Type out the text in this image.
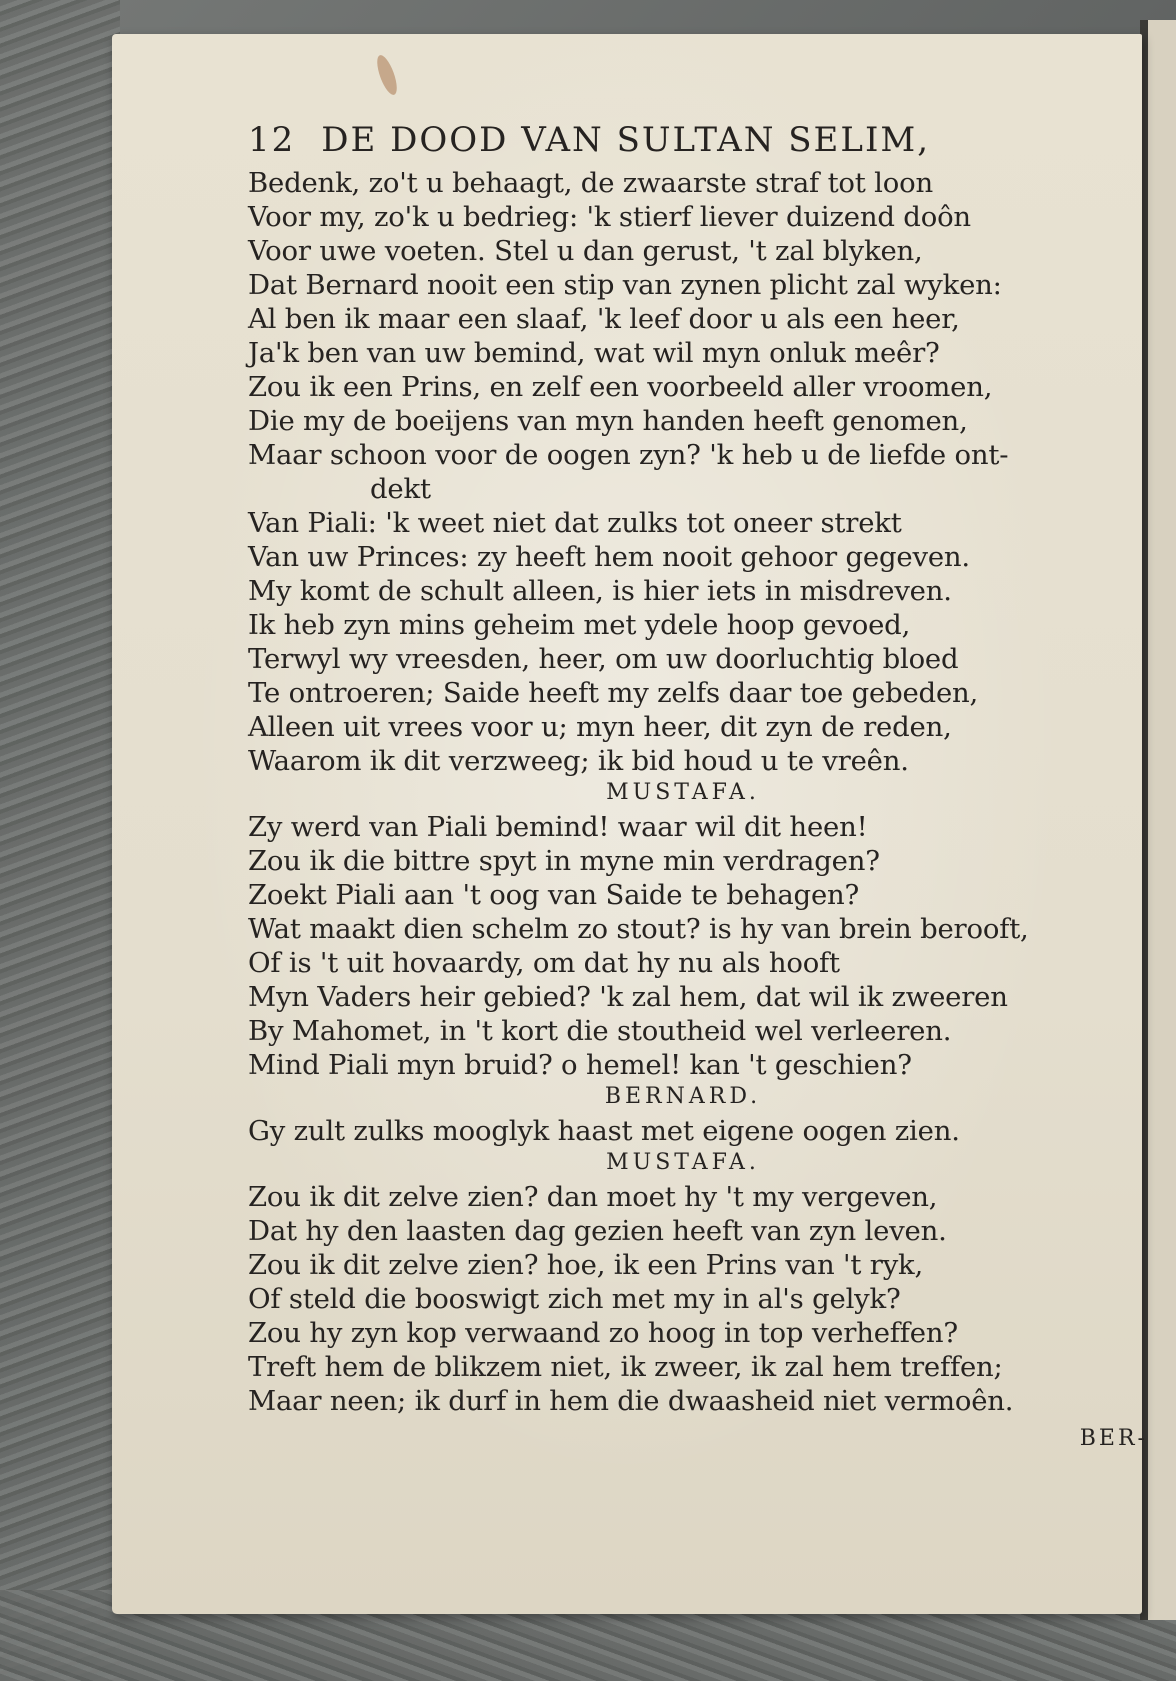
12 DE DOOD VAN SULTAN SELIM,
Bedenk, zo't u behaagt, de zwaarste straf tot loon
Voor my, zo'k u bedrieg: 'k stierf liever duizend doôn
Voor uwe voeten. Stel u dan gerust, 't zal blyken,
Dat Bernard nooit een stip van zynen plicht zal wyken:
Al ben ik maar een slaaf, 'k leef door u als een heer,
Ja'k ben van uw bemind, wat wil myn onluk meêr?
Zou ik een Prins, en zelf een voorbeeld aller vroomen,
Die my de boeijens van myn handen heeft genomen,
Maar schoon voor de oogen zyn? 'k heb u de liefde ont-
dekt
Van Piali: 'k weet niet dat zulks tot oneer strekt
Van uw Princes: zy heeft hem nooit gehoor gegeven.
My komt de schult alleen, is hier iets in misdreven.
Ik heb zyn mins geheim met ydele hoop gevoed,
Terwyl wy vreesden, heer, om uw doorluchtig bloed
Te ontroeren; Saide heeft my zelfs daar toe gebeden,
Alleen uit vrees voor u; myn heer, dit zyn de reden,
Waarom ik dit verzweeg; ik bid houd u te vreên.
MUSTAFA.
Zy werd van Piali bemind! waar wil dit heen!
Zou ik die bittre spyt in myne min verdragen?
Zoekt Piali aan 't oog van Saide te behagen?
Wat maakt dien schelm zo stout? is hy van brein berooft,
Of is 't uit hovaardy, om dat hy nu als hooft
Myn Vaders heir gebied? 'k zal hem, dat wil ik zweeren
By Mahomet, in 't kort die stoutheid wel verleeren.
Mind Piali myn bruid? o hemel! kan 't geschien?
BERNARD.
Gy zult zulks mooglyk haast met eigene oogen zien.
MUSTAFA.
Zou ik dit zelve zien? dan moet hy 't my vergeven,
Dat hy den laasten dag gezien heeft van zyn leven.
Zou ik dit zelve zien? hoe, ik een Prins van 't ryk,
Of steld die booswigt zich met my in al's gelyk?
Zou hy zyn kop verwaand zo hoog in top verheffen?
Treft hem de blikzem niet, ik zweer, ik zal hem treffen;
Maar neen; ik durf in hem die dwaasheid niet vermoên.
BER-
